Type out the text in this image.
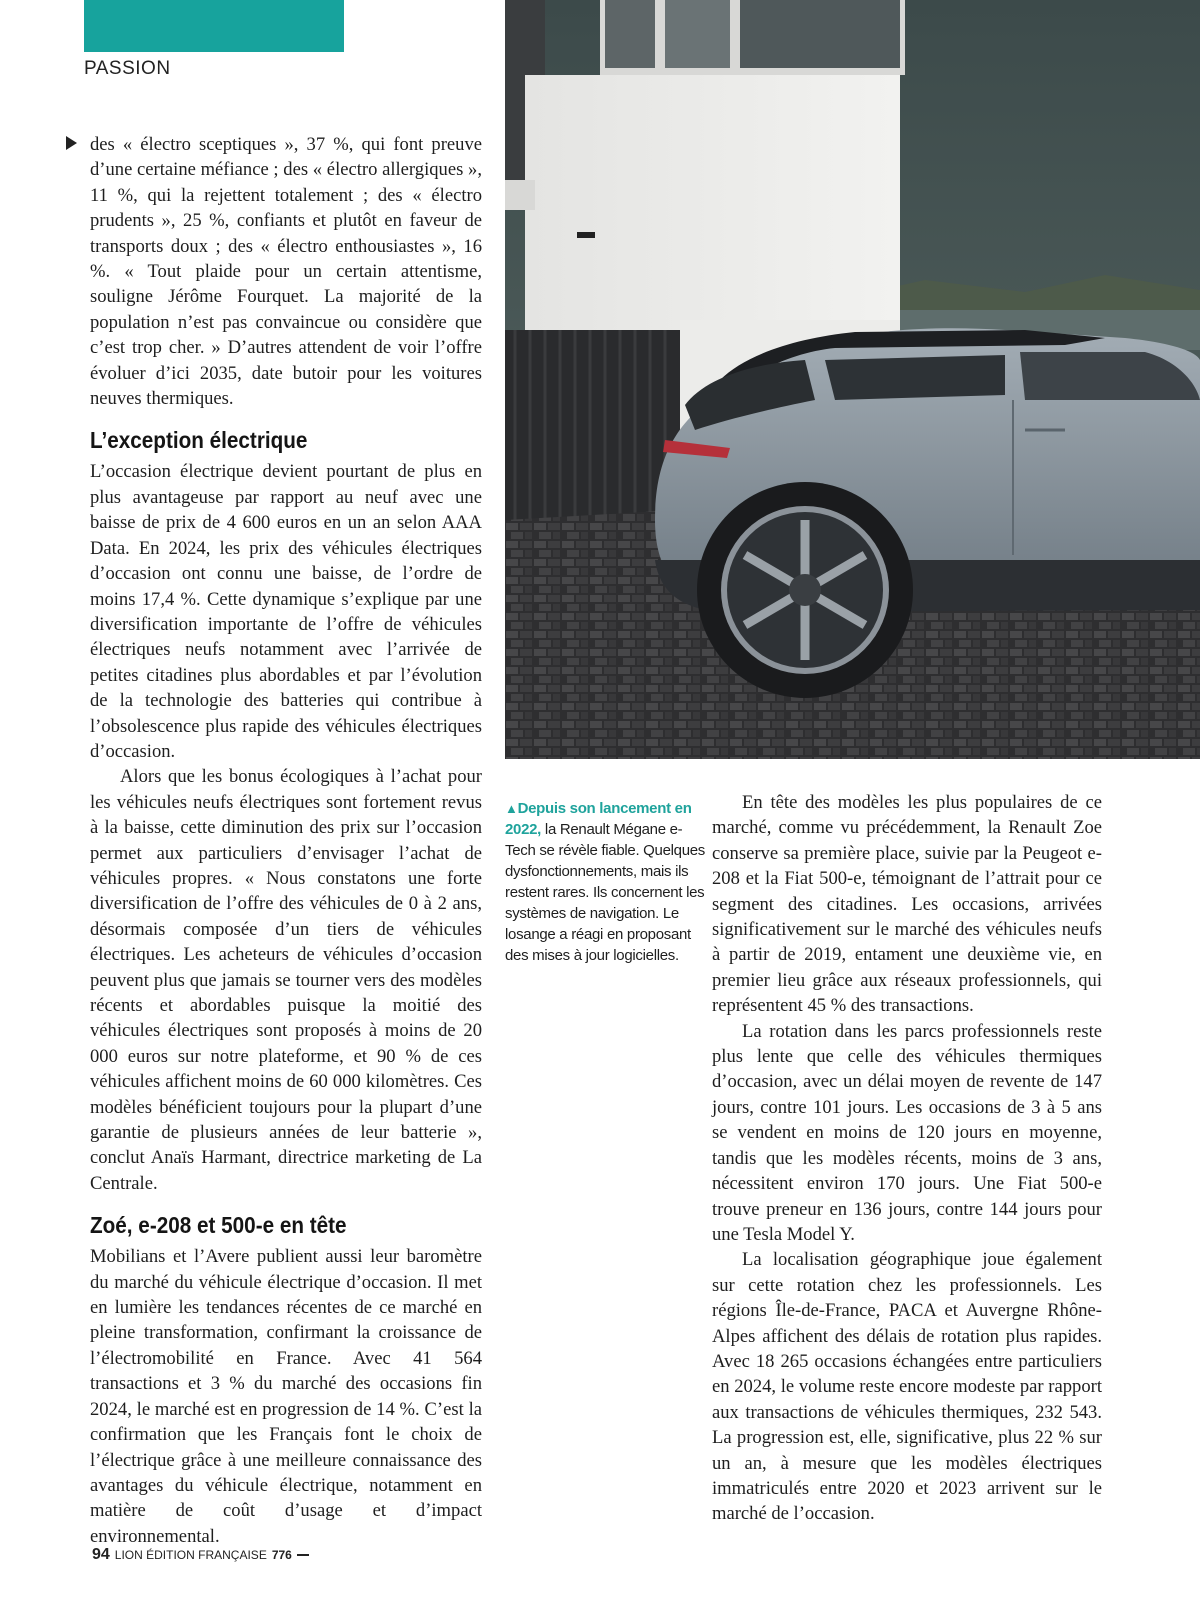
PASSION

des « électro sceptiques », 37 %, qui font preuve d’une certaine méfiance ; des « électro allergiques », 11 %, qui la rejettent totalement ; des « électro prudents », 25 %, confiants et plutôt en faveur de transports doux ; des « électro enthousiastes », 16 %. « Tout plaide pour un certain attentisme, souligne Jérôme Fourquet. La majorité de la population n’est pas convaincue ou considère que c’est trop cher. » D’autres attendent de voir l’offre évoluer d’ici 2035, date butoir pour les voitures neuves thermiques.

L’exception électrique

L’occasion électrique devient pourtant de plus en plus avantageuse par rapport au neuf avec une baisse de prix de 4 600 euros en un an selon AAA Data. En 2024, les prix des véhicules électriques d’occasion ont connu une baisse, de l’ordre de moins 17,4 %. Cette dynamique s’explique par une diversification importante de l’offre de véhicules électriques neufs notamment avec l’arrivée de petites citadines plus abordables et par l’évolution de la technologie des batteries qui contribue à l’obsolescence plus rapide des véhicules électriques d’occasion.

Alors que les bonus écologiques à l’achat pour les véhicules neufs électriques sont fortement revus à la baisse, cette diminution des prix sur l’occasion permet aux particuliers d’envisager l’achat de véhicules propres. « Nous constatons une forte diversification de l’offre des véhicules de 0 à 2 ans, désormais composée d’un tiers de véhicules électriques. Les acheteurs de véhicules d’occasion peuvent plus que jamais se tourner vers des modèles récents et abordables puisque la moitié des véhicules électriques sont proposés à moins de 20 000 euros sur notre plateforme, et 90 % de ces véhicules affichent moins de 60 000 kilomètres. Ces modèles bénéficient toujours pour la plupart d’une garantie de plusieurs années de leur batterie », conclut Anaïs Harmant, directrice marketing de La Centrale.

Zoé, e-208 et 500-e en tête

Mobilians et l’Avere publient aussi leur baromètre du marché du véhicule électrique d’occasion. Il met en lumière les tendances récentes de ce marché en pleine transformation, confirmant la croissance de l’électromobilité en France. Avec 41 564 transactions et 3 % du marché des occasions fin 2024, le marché est en progression de 14 %. C’est la confirmation que les Français font le choix de l’électrique grâce à une meilleure connaissance des avantages du véhicule électrique, notamment en matière de coût d’usage et d’impact environnemental.

▲Depuis son lancement en 2022, la Renault Mégane e-Tech se révèle fiable. Quelques dysfonctionnements, mais ils restent rares. Ils concernent les systèmes de navigation. Le losange a réagi en proposant des mises à jour logicielles.

En tête des modèles les plus populaires de ce marché, comme vu précédemment, la Renault Zoe conserve sa première place, suivie par la Peugeot e-208 et la Fiat 500-e, témoignant de l’attrait pour ce segment des citadines. Les occasions, arrivées significativement sur le marché des véhicules neufs à partir de 2019, entament une deuxième vie, en premier lieu grâce aux réseaux professionnels, qui représentent 45 % des transactions.

La rotation dans les parcs professionnels reste plus lente que celle des véhicules thermiques d’occasion, avec un délai moyen de revente de 147 jours, contre 101 jours. Les occasions de 3 à 5 ans se vendent en moins de 120 jours en moyenne, tandis que les modèles récents, moins de 3 ans, nécessitent environ 170 jours. Une Fiat 500-e trouve preneur en 136 jours, contre 144 jours pour une Tesla Model Y.

La localisation géographique joue également sur cette rotation chez les professionnels. Les régions Île-de-France, PACA et Auvergne Rhône-Alpes affichent des délais de rotation plus rapides. Avec 18 265 occasions échangées entre particuliers en 2024, le volume reste encore modeste par rapport aux transactions de véhicules thermiques, 232 543. La progression est, elle, significative, plus 22 % sur un an, à mesure que les modèles électriques immatriculés entre 2020 et 2023 arrivent sur le marché de l’occasion.

94 LION ÉDITION FRANÇAISE 776
